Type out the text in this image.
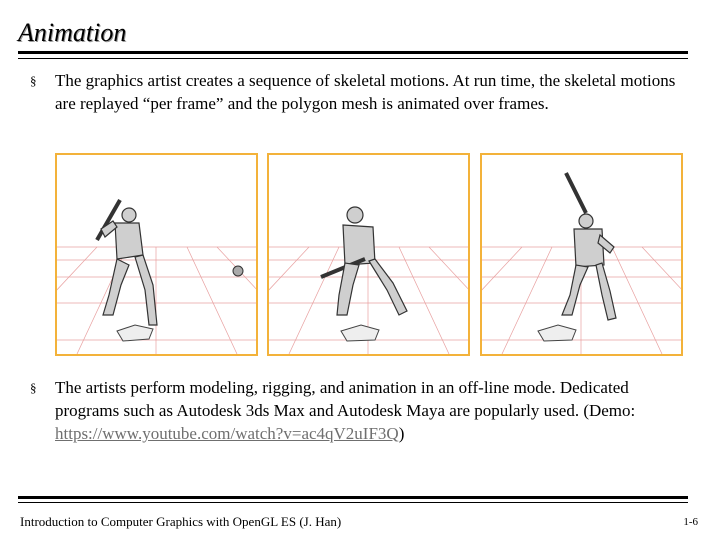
Animation
§ The graphics artist creates a sequence of skeletal motions. At run time, the skeletal motions are replayed “per frame” and the polygon mesh is animated over frames.
§ The artists perform modeling, rigging, and animation in an off-line mode. Dedicated programs such as Autodesk 3ds Max and Autodesk Maya are popularly used. (Demo: https://www.youtube.com/watch?v=ac4qV2uIF3Q)
Introduction to Computer Graphics with OpenGL ES (J. Han)	1-6
